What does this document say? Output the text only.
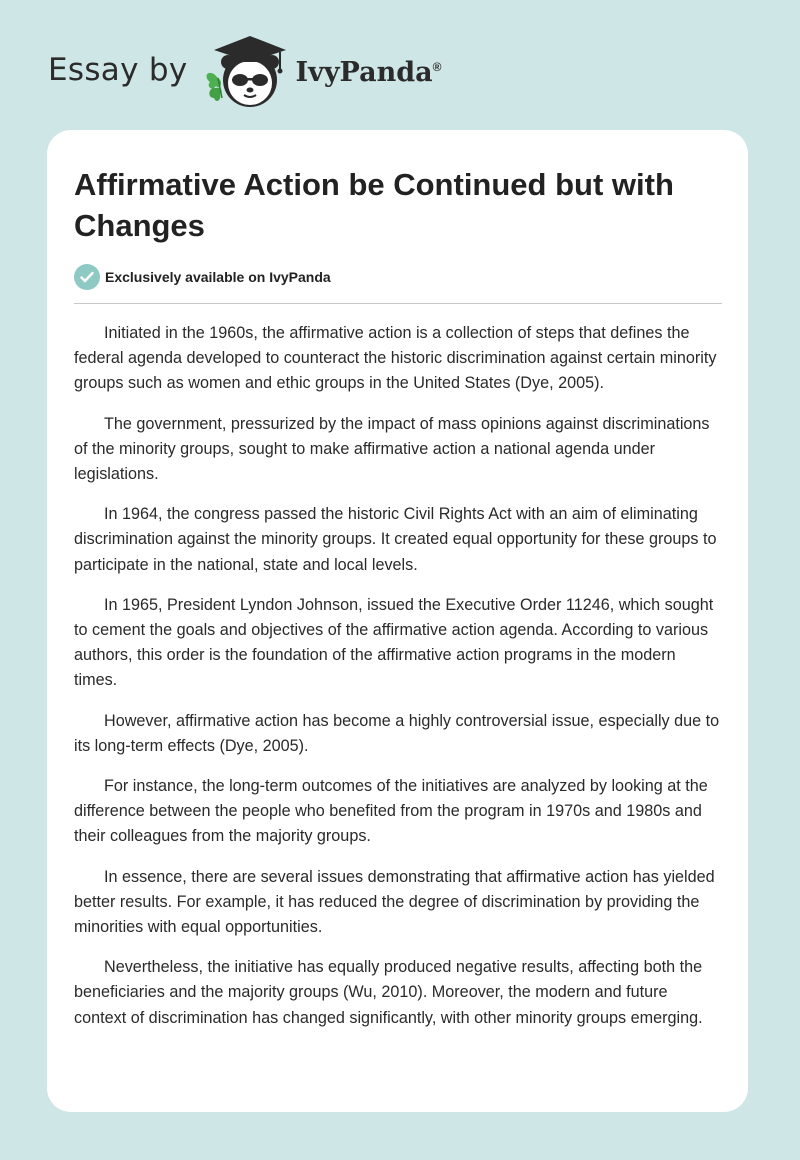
Essay by	IvyPanda®
Affirmative Action be Continued but with Changes
Exclusively available on IvyPanda

Initiated in the 1960s, the affirmative action is a collection of steps that defines the federal agenda developed to counteract the historic discrimination against certain minority groups such as women and ethic groups in the United States (Dye, 2005).

The government, pressurized by the impact of mass opinions against discriminations of the minority groups, sought to make affirmative action a national agenda under legislations.

In 1964, the congress passed the historic Civil Rights Act with an aim of eliminating discrimination against the minority groups. It created equal opportunity for these groups to participate in the national, state and local levels.

In 1965, President Lyndon Johnson, issued the Executive Order 11246, which sought to cement the goals and objectives of the affirmative action agenda. According to various authors, this order is the foundation of the affirmative action programs in the modern times.

However, affirmative action has become a highly controversial issue, especially due to its long-term effects (Dye, 2005).

For instance, the long-term outcomes of the initiatives are analyzed by looking at the difference between the people who benefited from the program in 1970s and 1980s and their colleagues from the majority groups.

In essence, there are several issues demonstrating that affirmative action has yielded better results. For example, it has reduced the degree of discrimination by providing the minorities with equal opportunities.

Nevertheless, the initiative has equally produced negative results, affecting both the beneficiaries and the majority groups (Wu, 2010). Moreover, the modern and future context of discrimination has changed significantly, with other minority groups emerging.
